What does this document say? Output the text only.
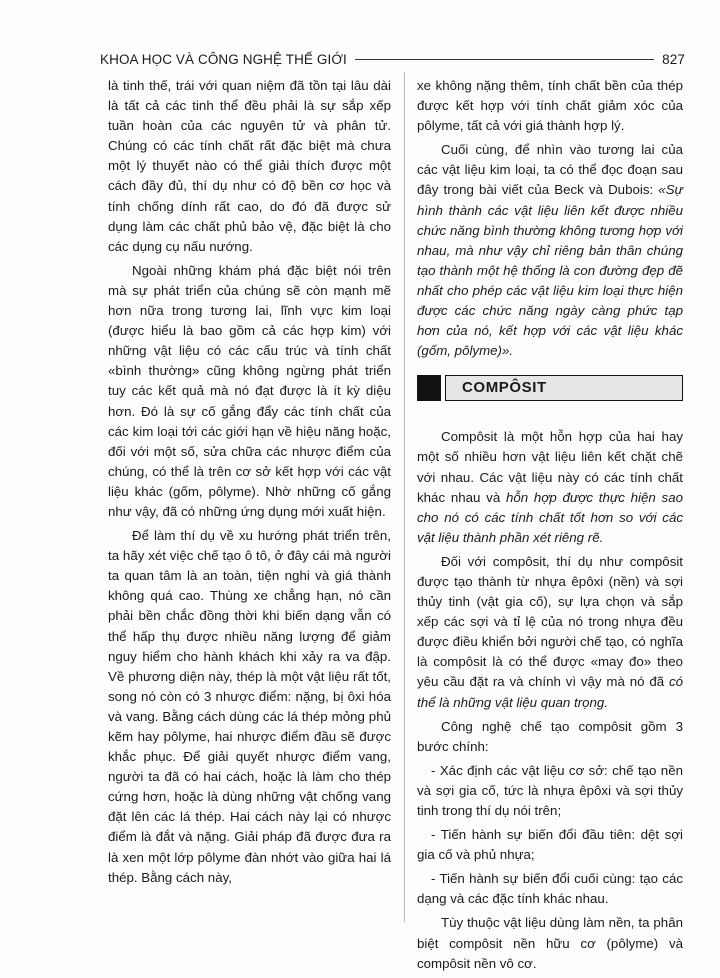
KHOA HỌC VÀ CÔNG NGHỆ THẾ GIỚI	827

là tinh thế, trái với quan niệm đã tồn tại lâu dài là tất cả các tinh thể đều phải là sự sắp xếp tuần hoàn của các nguyên tử và phân tử. Chúng có các tính chất rất đặc biệt mà chưa một lý thuyết nào có thể giải thích được một cách đầy đủ, thí dụ như có độ bền cơ học và tính chống dính rất cao, do đó đã được sử dụng làm các chất phủ bảo vệ, đặc biệt là cho các dụng cụ nấu nướng.

Ngoài những khám phá đặc biệt nói trên mà sự phát triển của chúng sẽ còn mạnh mẽ hơn nữa trong tương lai, lĩnh vực kim loại (được hiểu là bao gồm cả các hợp kim) với những vật liệu có các cấu trúc và tính chất «bình thường» cũng không ngừng phát triển tuy các kết quả mà nó đạt được là ít kỳ diệu hơn. Đó là sự cố gắng đẩy các tính chất của các kim loại tới các giới hạn về hiệu năng hoặc, đối với một số, sửa chữa các nhược điểm của chúng, có thể là trên cơ sở kết hợp với các vật liệu khác (gốm, pôlyme). Nhờ những cố gắng như vậy, đã có những ứng dụng mới xuất hiện.

Để làm thí dụ về xu hướng phát triển trên, ta hãy xét việc chế tạo ô tô, ở đây cái mà người ta quan tâm là an toàn, tiện nghi và giá thành không quá cao. Thùng xe chẳng hạn, nó cần phải bền chắc đồng thời khi biến dạng vẫn có thể hấp thụ được nhiều năng lượng để giảm nguy hiểm cho hành khách khi xảy ra va đập. Về phương diện này, thép là một vật liệu rất tốt, song nó còn có 3 nhược điểm: nặng, bị ôxi hóa và vang. Bằng cách dùng các lá thép mỏng phủ kẽm hay pôlyme, hai nhược điểm đầu sẽ được khắc phục. Để giải quyết nhược điểm vang, người ta đã có hai cách, hoặc là làm cho thép cứng hơn, hoặc là dùng những vật chống vang đặt lên các lá thép. Hai cách này lại có nhược điểm là đắt và nặng. Giải pháp đã được đưa ra là xen một lớp pôlyme đàn nhớt vào giữa hai lá thép. Bằng cách này,

xe không nặng thêm, tính chất bền của thép được kết hợp với tính chất giảm xóc của pôlyme, tất cả với giá thành hợp lý.

Cuối cùng, để nhìn vào tương lai của các vật liệu kim loại, ta có thể đọc đoạn sau đây trong bài viết của Beck và Dubois: «Sự hình thành các vật liệu liên kết được nhiều chức năng bình thường không tương hợp với nhau, mà như vậy chỉ riêng bản thân chúng tạo thành một hệ thống là con đường đẹp đẽ nhất cho phép các vật liệu kim loại thực hiện được các chức năng ngày càng phức tạp hơn của nó, kết hợp với các vật liệu khác (gốm, pôlyme)».

COMPÔSIT

Compôsit là một hỗn hợp của hai hay một số nhiều hơn vật liệu liên kết chặt chẽ với nhau. Các vật liệu này có các tính chất khác nhau và hỗn hợp được thực hiện sao cho nó có các tính chất tốt hơn so với các vật liệu thành phần xét riêng rẽ.

Đối với compôsit, thí dụ như compôsit được tạo thành từ nhựa êpôxi (nền) và sợi thủy tinh (vật gia cố), sự lựa chọn và sắp xếp các sợi và tỉ lệ của nó trong nhựa đều được điều khiển bởi người chế tạo, có nghĩa là compôsit là có thể được «may đo» theo yêu cầu đặt ra và chính vì vậy mà nó đã có thể là những vật liệu quan trọng.

Công nghệ chế tạo compôsit gồm 3 bước chính:

- Xác định các vật liệu cơ sở: chế tạo nền và sợi gia cố, tức là nhựa êpôxi và sợi thủy tinh trong thí dụ nói trên;

- Tiến hành sự biến đổi đầu tiên: dệt sợi gia cố và phủ nhựa;

- Tiến hành sự biến đổi cuối cùng: tạo các dạng và các đặc tính khác nhau.

Tùy thuộc vật liệu dùng làm nền, ta phân biệt compôsit nền hữu cơ (pôlyme) và compôsit nền vô cơ.
